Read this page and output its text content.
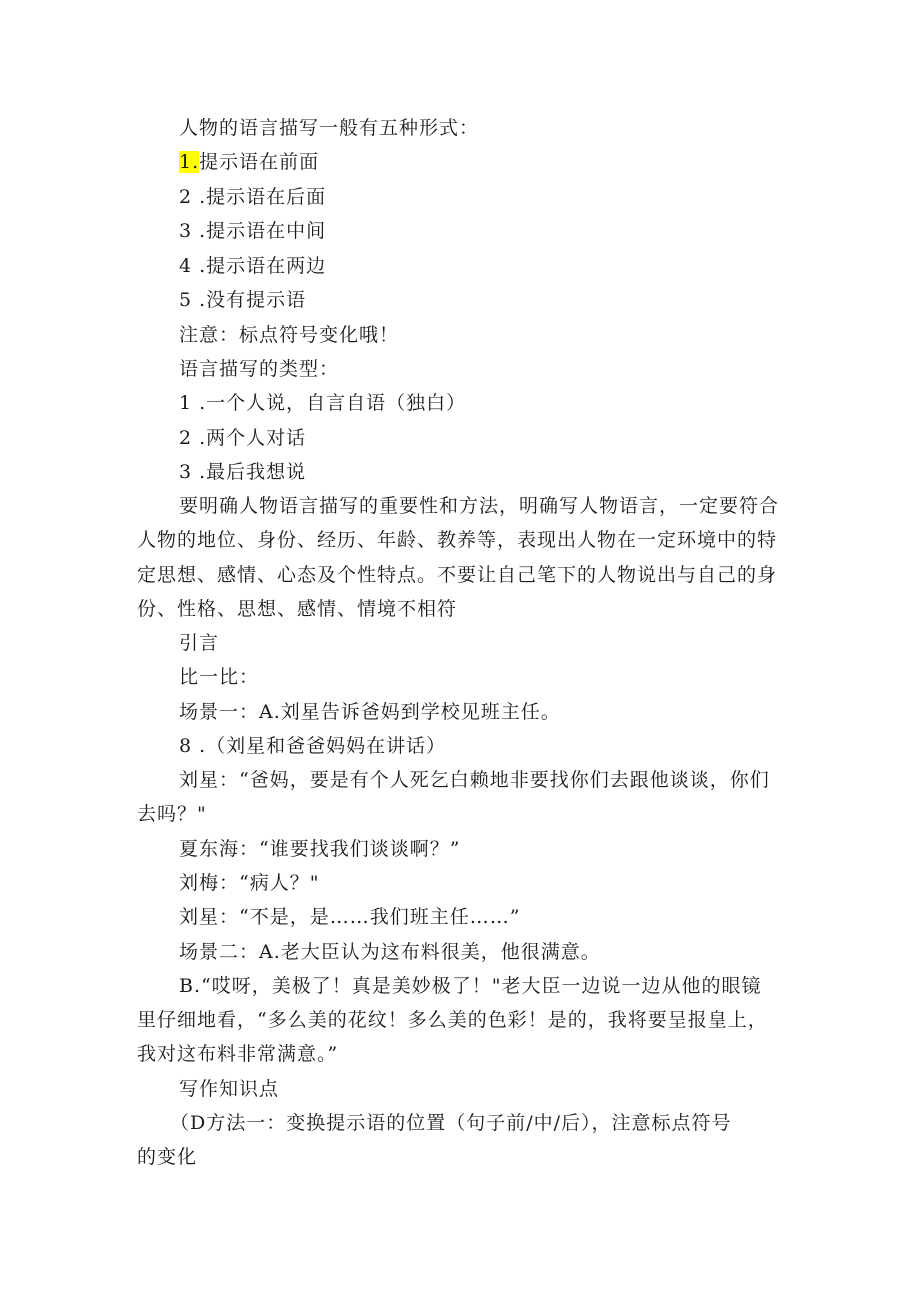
人物的语言描写一般有五种形式：
1.提示语在前面
2 .提示语在后面
3 .提示语在中间
4 .提示语在两边
5 .没有提示语
注意：标点符号变化哦！
语言描写的类型：
1 .一个人说，自言自语（独白）
2 .两个人对话
3 .最后我想说
要明确人物语言描写的重要性和方法，明确写人物语言，一定要符合
人物的地位、身份、经历、年龄、教养等，表现出人物在一定环境中的特
定思想、感情、心态及个性特点。不要让自己笔下的人物说出与自己的身
份、性格、思想、感情、情境不相符
引言
比一比：
场景一：A.刘星告诉爸妈到学校见班主任。
8 .（刘星和爸爸妈妈在讲话）
刘星：“爸妈，要是有个人死乞白赖地非要找你们去跟他谈谈，你们
去吗？"
夏东海：“谁要找我们谈谈啊？”
刘梅：“病人？"
刘星：“不是，是……我们班主任……”
场景二：A.老大臣认为这布料很美，他很满意。
B.“哎呀，美极了！真是美妙极了！"老大臣一边说一边从他的眼镜
里仔细地看，“多么美的花纹！多么美的色彩！是的，我将要呈报皇上，
我对这布料非常满意。”
写作知识点
（D方法一：变换提示语的位置（句子前/中/后），注意标点符号
的变化
